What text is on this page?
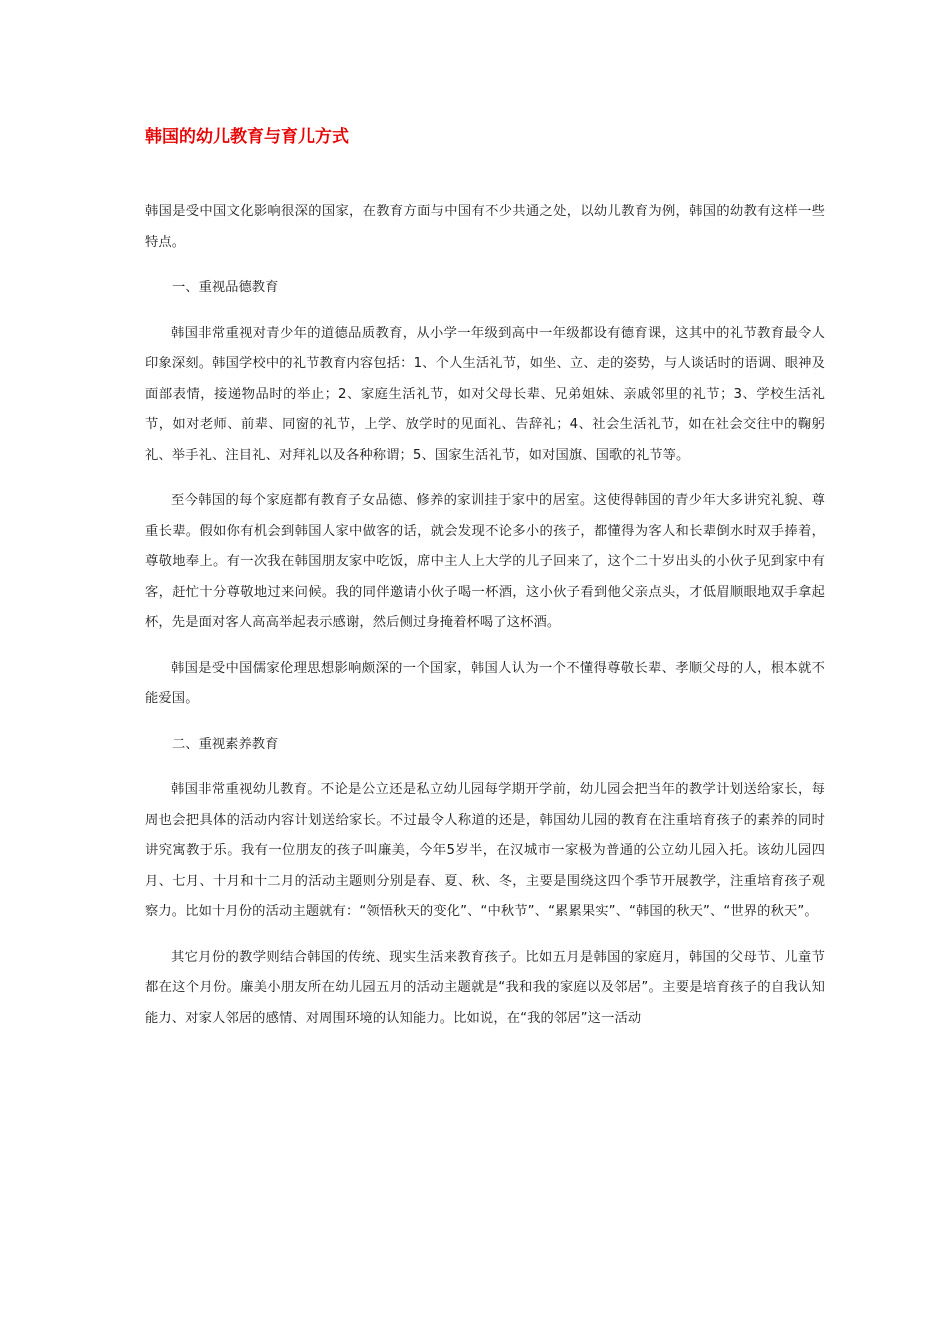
韩国的幼儿教育与育儿方式

韩国是受中国文化影响很深的国家，在教育方面与中国有不少共通之处，以幼儿教育为例，韩国的幼教有这样一些特点。

一、重视品德教育

韩国非常重视对青少年的道德品质教育，从小学一年级到高中一年级都设有德育课，这其中的礼节教育最令人印象深刻。韩国学校中的礼节教育内容包括：1、个人生活礼节，如坐、立、走的姿势，与人谈话时的语调、眼神及面部表情，接递物品时的举止；2、家庭生活礼节，如对父母长辈、兄弟姐妹、亲戚邻里的礼节；3、学校生活礼节，如对老师、前辈、同窗的礼节，上学、放学时的见面礼、告辞礼；4、社会生活礼节，如在社会交往中的鞠躬礼、举手礼、注目礼、对拜礼以及各种称谓；5、国家生活礼节，如对国旗、国歌的礼节等。

至今韩国的每个家庭都有教育子女品德、修养的家训挂于家中的居室。这使得韩国的青少年大多讲究礼貌、尊重长辈。假如你有机会到韩国人家中做客的话，就会发现不论多小的孩子，都懂得为客人和长辈倒水时双手捧着，尊敬地奉上。有一次我在韩国朋友家中吃饭，席中主人上大学的儿子回来了，这个二十岁出头的小伙子见到家中有客，赶忙十分尊敬地过来问候。我的同伴邀请小伙子喝一杯酒，这小伙子看到他父亲点头，才低眉顺眼地双手拿起杯，先是面对客人高高举起表示感谢，然后侧过身掩着杯喝了这杯酒。

韩国是受中国儒家伦理思想影响颇深的一个国家，韩国人认为一个不懂得尊敬长辈、孝顺父母的人，根本就不能爱国。

二、重视素养教育

韩国非常重视幼儿教育。不论是公立还是私立幼儿园每学期开学前，幼儿园会把当年的教学计划送给家长，每周也会把具体的活动内容计划送给家长。不过最令人称道的还是，韩国幼儿园的教育在注重培育孩子的素养的同时讲究寓教于乐。我有一位朋友的孩子叫廉美，今年5岁半，在汉城市一家极为普通的公立幼儿园入托。该幼儿园四月、七月、十月和十二月的活动主题则分别是春、夏、秋、冬，主要是围绕这四个季节开展教学，注重培育孩子观察力。比如十月份的活动主题就有：“领悟秋天的变化”、“中秋节”、“累累果实”、“韩国的秋天”、“世界的秋天”。

其它月份的教学则结合韩国的传统、现实生活来教育孩子。比如五月是韩国的家庭月，韩国的父母节、儿童节都在这个月份。廉美小朋友所在幼儿园五月的活动主题就是“我和我的家庭以及邻居”。主要是培育孩子的自我认知能力、对家人邻居的感情、对周围环境的认知能力。比如说，在“我的邻居”这一活动
